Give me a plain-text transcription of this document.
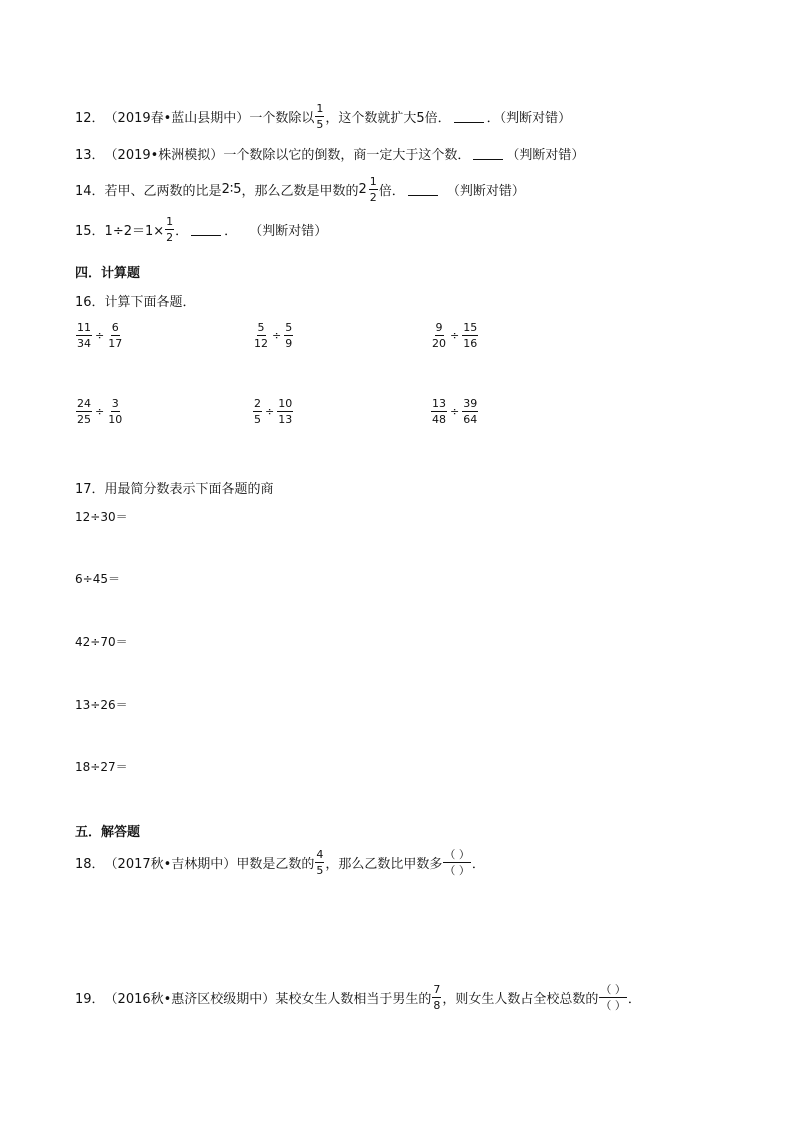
12． （2019春•蓝山县期中） 一个数除以 $\frac{1}{5}$ ，这个数就扩大5倍．	．（判断对错）
13． （2019•株洲模拟） 一个数除以它的倒数，商一定大于这个数．	（判断对错）
14． 若甲、乙两数的比是 2∶5 ，那么乙数是甲数的 $2 \frac{1}{2}$ 倍．	（判断对错）
15． $1\div 2=1\times \frac{1}{2}$ ．	． （判断对错）
四．计算题
16．计算下面各题．
$\frac{11}{34} \div \frac{6}{17}$	$\frac{5}{12} \div \frac{5}{9}$	$\frac{9}{20} \div \frac{15}{16}$
$\frac{24}{25} \div \frac{3}{10}$	$\frac{2}{5} \div \frac{10}{13}$	$\frac{13}{48} \div \frac{39}{64}$
17．用最简分数表示下面各题的商
12÷30＝
6÷45＝
42÷70＝
13÷26＝
18÷27＝
五．解答题
18． （2017秋•吉林期中） 甲数是乙数的 $\frac{4}{5}$ ，那么乙数比甲数多 $\frac{( )}{( )}$ ．
19． （2016秋•惠济区校级期中） 某校女生人数相当于男生的 $\frac{7}{8}$ ，则女生人数占全校总数的 $\frac{( )}{( )}$ ．
